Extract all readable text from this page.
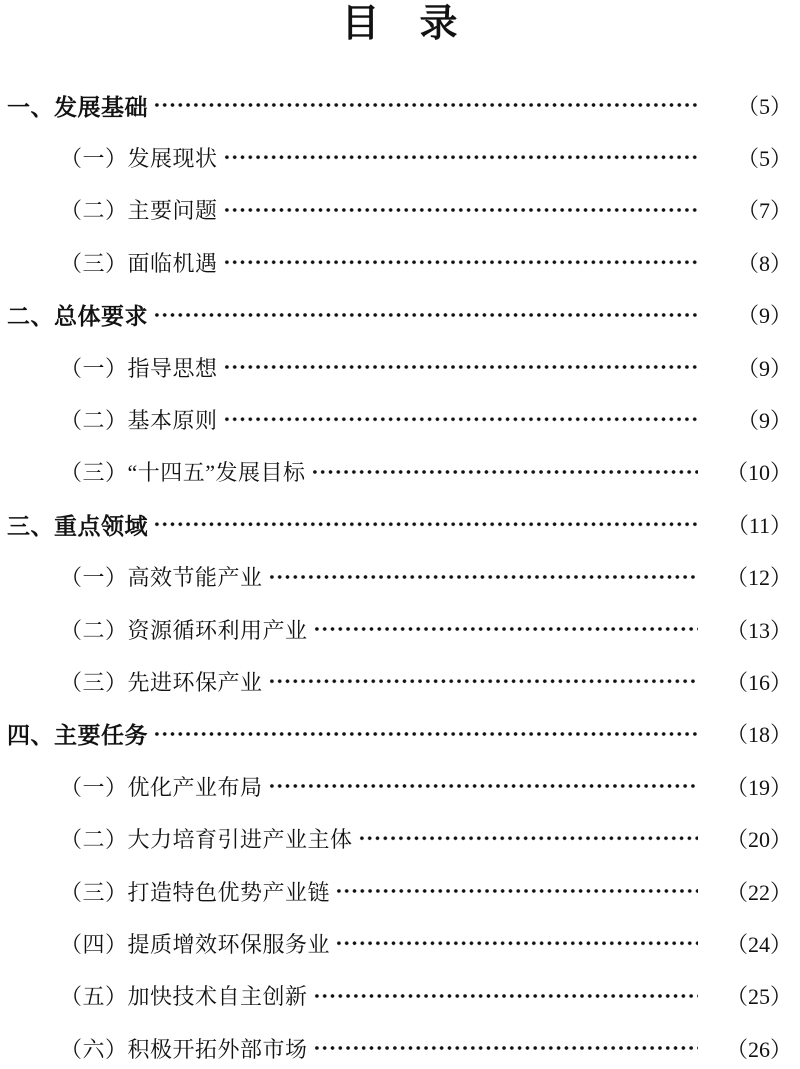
目　录
一、发展基础	（5）
（一）发展现状	（5）
（二）主要问题	（7）
（三）面临机遇	（8）
二、总体要求	（9）
（一）指导思想	（9）
（二）基本原则	（9）
（三）“十四五”发展目标	（10）
三、重点领域	（11）
（一）高效节能产业	（12）
（二）资源循环利用产业	（13）
（三）先进环保产业	（16）
四、主要任务	（18）
（一）优化产业布局	（19）
（二）大力培育引进产业主体	（20）
（三）打造特色优势产业链	（22）
（四）提质增效环保服务业	（24）
（五）加快技术自主创新	（25）
（六）积极开拓外部市场	（26）
